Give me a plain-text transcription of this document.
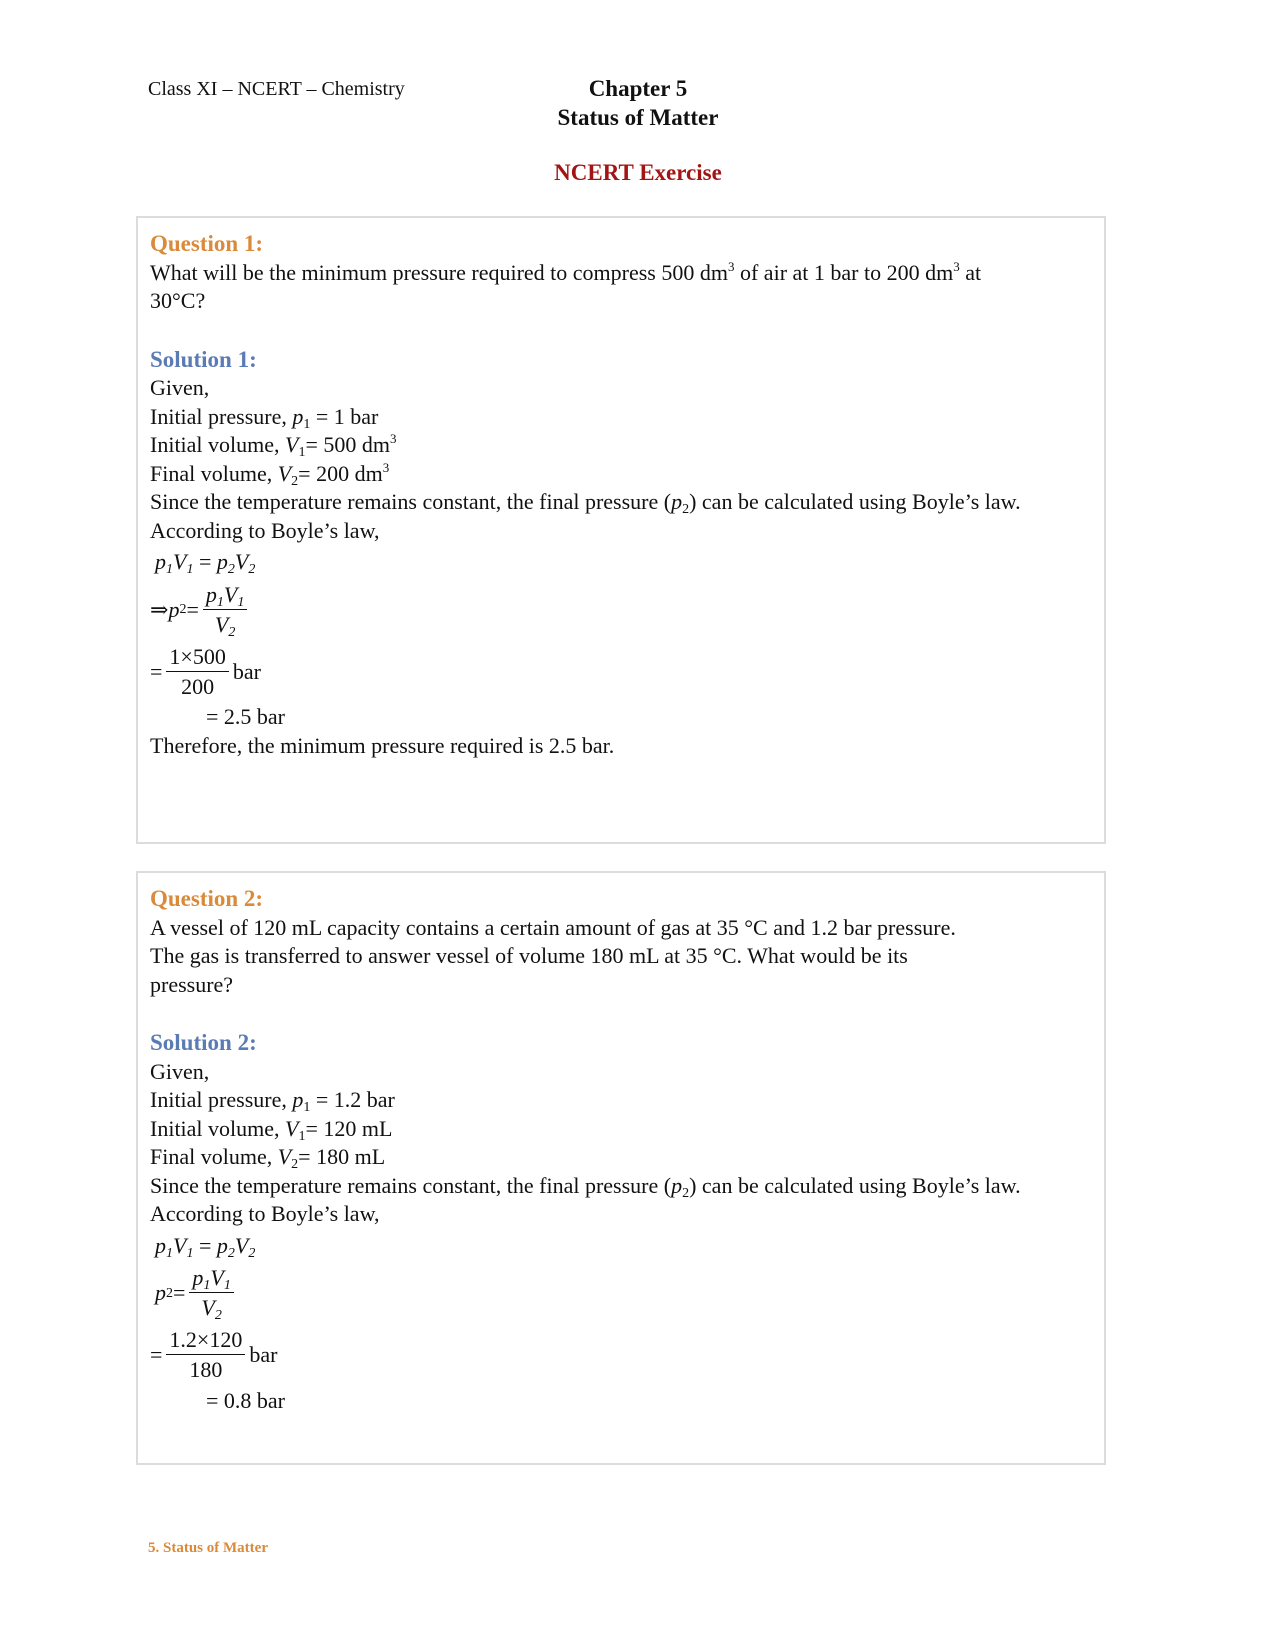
Class XI – NCERT – Chemistry	Chapter 5
Status of Matter
NCERT Exercise
Question 1:
What will be the minimum pressure required to compress 500 $dm^3$ of air at 1 bar to 200 $dm^3$ at
30°C?
Solution 1:
Given,
Initial pressure, $p_1 = 1$ bar
Initial volume, $V_1= 500$ $dm^3$
Final volume, $V_2= 200$ $dm^3$
Since the temperature remains constant, the final pressure $(p_2)$ can be calculated using Boyle’s law.
According to Boyle’s law,
$p_1V_1 = p_2V_2$
⇒ p $2 = \frac{p_1V_1}{V_2}$
= $\frac{1\times 500}{200}$ bar
= 2.5 bar
Therefore, the minimum pressure required is 2.5 bar.
Question 2:
A vessel of 120 mL capacity contains a certain amount of gas at 35 °C and 1.2 bar pressure.
The gas is transferred to answer vessel of volume 180 mL at 35 °C. What would be its
pressure?
Solution 2:
Given,
Initial pressure, $p_1 = 1.2$ bar
Initial volume, $V_1= 120$ mL
Final volume, $V_2= 180$ mL
Since the temperature remains constant, the final pressure $(p_2)$ can be calculated using Boyle’s law.
According to Boyle’s law,
$p_1V_1 = p_2V_2$
p $2 = \frac{p_1V_1}{V_2}$
= $\frac{1.2\times 120}{180}$ bar
= 0.8 bar
5. Status of Matter
